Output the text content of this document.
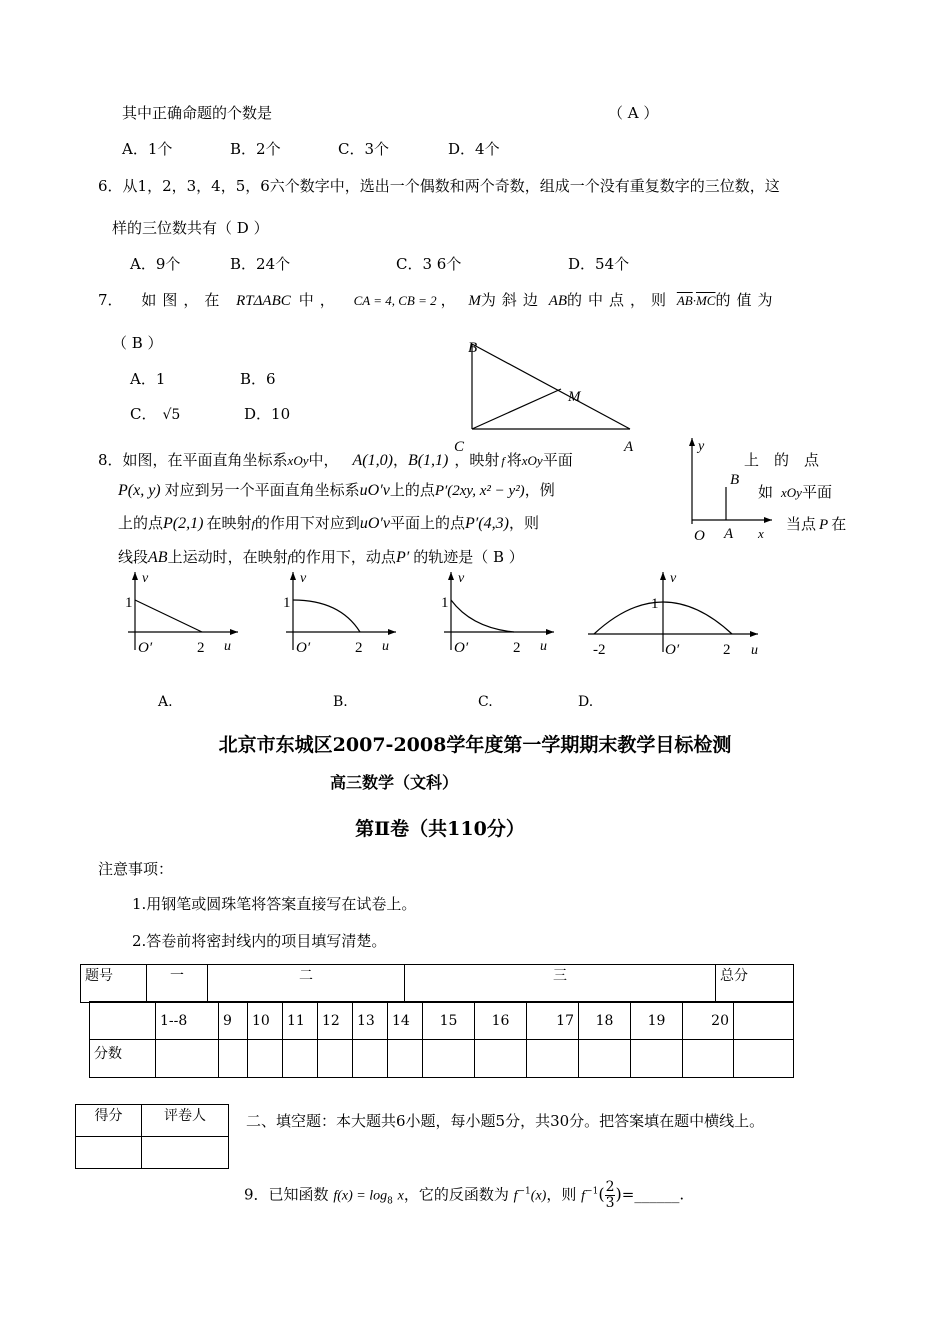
其中正确命题的个数是	（ A ）
A．1个	B．2个	C．3个	D．4个
6．从1，2，3，4，5，6六个数字中，选出一个偶数和两个奇数，组成一个没有重复数字的三位数，这
样的三位数共有（ D ）
A．9个	B．24个	C．3 6个	D．54个
7． 如图，在 RTΔABC 中， CA = 4, CB = 2 ， M为斜边 AB的中点，则 $\overline{AB}\cdot\overline{MC}$的值为
（ B ）
A．1	B．6
C． √5	D．10
B
M
C	A
8．如图，在平面直角坐标系xOy中， A(1,0)，B(1,1) ，映射 f 将xOy平面	上　的　点
P(x, y) 对应到另一个平面直角坐标系uO′v上的点P′(2xy, x² − y²)，例	如 xOy平面
上的点P(2,1) 在映射f的作用下对应到uO′v平面上的点P′(4,3)，则	当点 P 在
线段AB上运动时，在映射f的作用下，动点P′ 的轨迹是（ B ）
y
B
O A x
v
1
O′	2 u
v
1
O′	2 u
v
1
O′	2 u
v
1
-2	O′	2 u
A.	B.	C.	D.
北京市东城区2007-2008学年度第一学期期末教学目标检测
高三数学（文科）
第Ⅱ卷（共110分）
注意事项：
1.用钢笔或圆珠笔将答案直接写在试卷上。
2.答卷前将密封线内的项目填写清楚。
题号	一	二	三	总分
	1--8	9	10	11	12	13	14	15	16	17	18	19	20	
分数														
得分	评卷人
		二、填空题：本大题共6小题，每小题5分，共30分。把答案填在题中横线上。
9．已知函数 $f(x) = \log_8 x$，它的反函数为 $f^{-1}(x)$，则 $f^{-1}( \frac{2}{3}$ )=______.
